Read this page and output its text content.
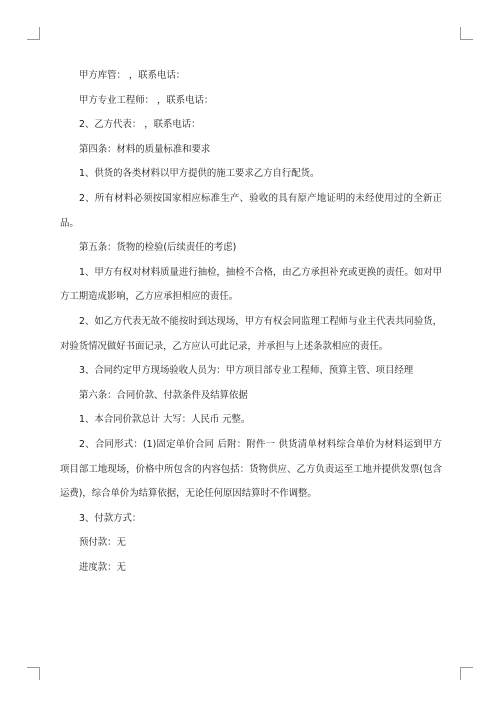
甲方库管： ，联系电话：

甲方专业工程师： ，联系电话：

2、乙方代表： ，联系电话：

第四条：材料的质量标准和要求

1、供货的各类材料以甲方提供的施工要求乙方自行配货。

2、所有材料必须按国家相应标准生产、验收的具有原产地证明的未经使用过的全新正品。

第五条：货物的检验(后续责任的考虑)

1、甲方有权对材料质量进行抽检，抽检不合格，由乙方承担补充或更换的责任。如对甲方工期造成影响，乙方应承担相应的责任。

2、如乙方代表无故不能按时到达现场，甲方有权会同监理工程师与业主代表共同验货，对验货情况做好书面记录，乙方应认可此记录，并承担与上述条款相应的责任。

3、合同约定甲方现场验收人员为：甲方项目部专业工程师、预算主管、项目经理

第六条：合同价款、付款条件及结算依据

1、本合同价款总计 大写：人民币 元整。

2、合同形式：(1)固定单价合同 后附：附件一 供货清单材料综合单价为材料运到甲方 项目部工地现场，价格中所包含的内容包括：货物供应、乙方负责运至工地并提供发票(包含运费)，综合单价为结算依据，无论任何原因结算时不作调整。

3、付款方式：

预付款：无

进度款：无
